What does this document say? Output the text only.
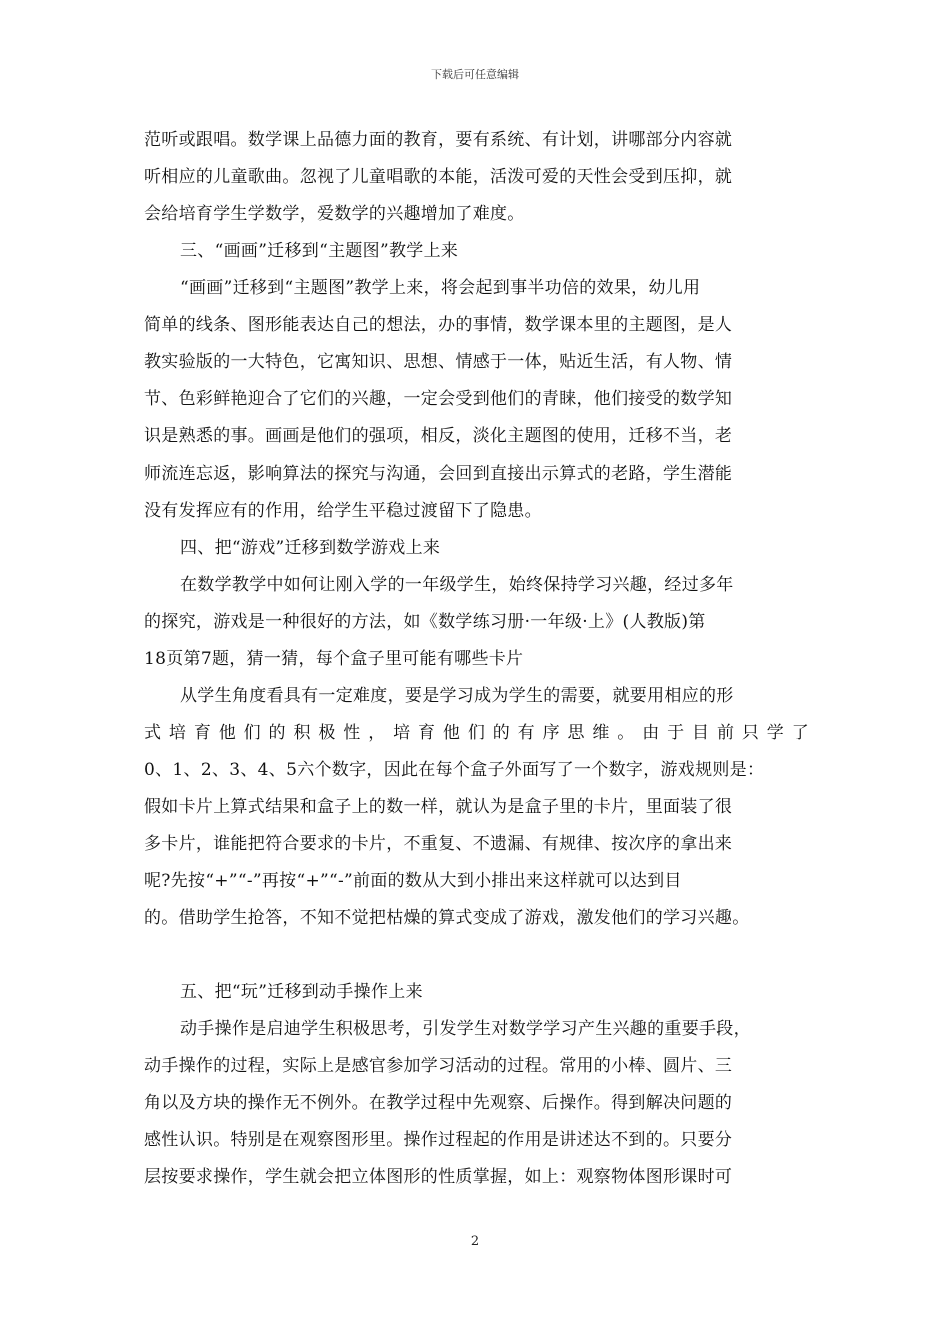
下载后可任意编辑
范听或跟唱。数学课上品德力面的教育，要有系统、有计划，讲哪部分内容就
听相应的儿童歌曲。忽视了儿童唱歌的本能，活泼可爱的天性会受到压抑，就
会给培育学生学数学，爱数学的兴趣增加了难度。
三、“画画”迁移到“主题图”教学上来
“画画”迁移到“主题图”教学上来，将会起到事半功倍的效果，幼儿用
简单的线条、图形能表达自己的想法，办的事情，数学课本里的主题图，是人
教实验版的一大特色，它寓知识、思想、情感于一体，贴近生活，有人物、情
节、色彩鲜艳迎合了它们的兴趣，一定会受到他们的青睐，他们接受的数学知
识是熟悉的事。画画是他们的强项，相反，淡化主题图的使用，迁移不当，老
师流连忘返，影响算法的探究与沟通，会回到直接出示算式的老路，学生潜能
没有发挥应有的作用，给学生平稳过渡留下了隐患。
四、把“游戏”迁移到数学游戏上来
在数学教学中如何让刚入学的一年级学生，始终保持学习兴趣，经过多年
的探究，游戏是一种很好的方法，如《数学练习册·一年级·上》(人教版)第
18页第7题，猜一猜，每个盒子里可能有哪些卡片
从学生角度看具有一定难度，要是学习成为学生的需要，就要用相应的形
式培育他们的积极性，培育他们的有序思维。由于目前只学了
0、1、2、3、4、5六个数字，因此在每个盒子外面写了一个数字，游戏规则是：
假如卡片上算式结果和盒子上的数一样，就认为是盒子里的卡片，里面装了很
多卡片，谁能把符合要求的卡片，不重复、不遗漏、有规律、按次序的拿出来
呢?先按“+”“-”再按“+”“-”前面的数从大到小排出来这样就可以达到目
的。借助学生抢答，不知不觉把枯燥的算式变成了游戏，激发他们的学习兴趣。
五、把“玩”迁移到动手操作上来
动手操作是启迪学生积极思考，引发学生对数学学习产生兴趣的重要手段，
动手操作的过程，实际上是感官参加学习活动的过程。常用的小棒、圆片、三
角以及方块的操作无不例外。在教学过程中先观察、后操作。得到解决问题的
感性认识。特别是在观察图形里。操作过程起的作用是讲述达不到的。只要分
层按要求操作，学生就会把立体图形的性质掌握，如上：观察物体图形课时可
2
